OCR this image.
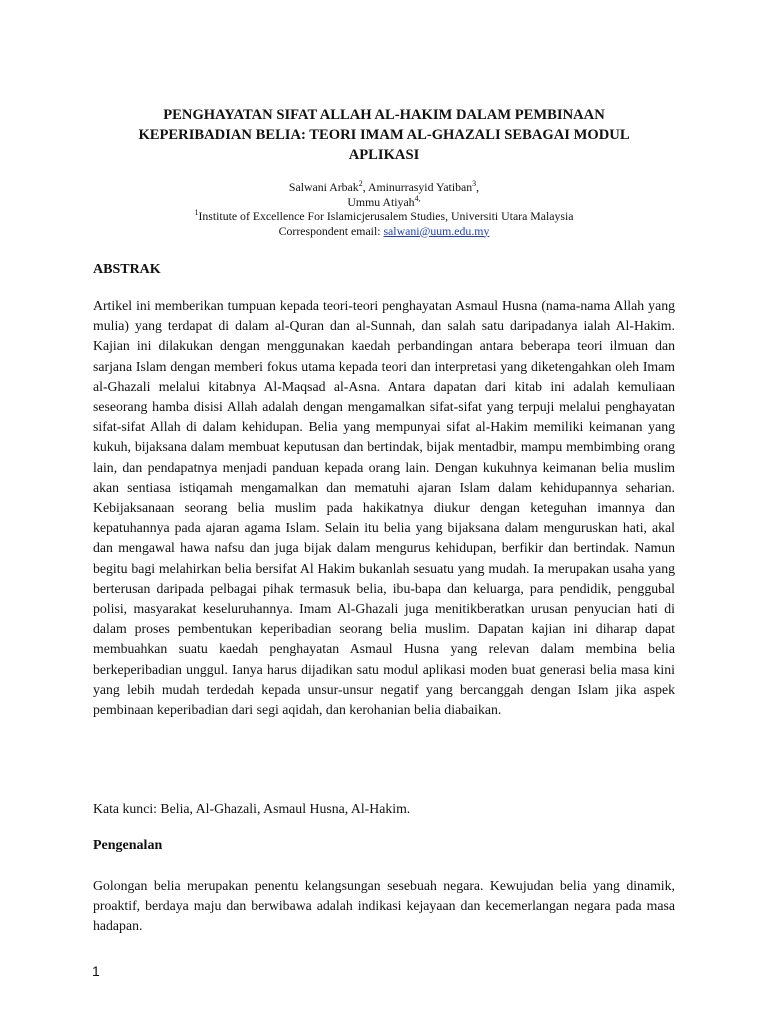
PENGHAYATAN SIFAT ALLAH AL-HAKIM DALAM PEMBINAAN KEPERIBADIAN BELIA: TEORI IMAM AL-GHAZALI SEBAGAI MODUL APLIKASI
Salwani Arbak$^2$, Aminurrasyid Yatiban$^3$,
Ummu Atiyah$^{4,}$
$^1$Institute of Excellence For Islamicjerusalem Studies, Universiti Utara Malaysia
Correspondent email: salwani@uum.edu.my
ABSTRAK

Artikel ini memberikan tumpuan kepada teori-teori penghayatan Asmaul Husna (nama-nama Allah yang mulia) yang terdapat di dalam al-Quran dan al-Sunnah, dan salah satu daripadanya ialah Al-Hakim. Kajian ini dilakukan dengan menggunakan kaedah perbandingan antara beberapa teori ilmuan dan sarjana Islam dengan memberi fokus utama kepada teori dan interpretasi yang diketengahkan oleh Imam al-Ghazali melalui kitabnya Al-Maqsad al-Asna. Antara dapatan dari kitab ini adalah kemuliaan seseorang hamba disisi Allah adalah dengan mengamalkan sifat-sifat yang terpuji melalui penghayatan sifat-sifat Allah di dalam kehidupan. Belia yang mempunyai sifat al-Hakim memiliki keimanan yang kukuh, bijaksana dalam membuat keputusan dan bertindak, bijak mentadbir, mampu membimbing orang lain, dan pendapatnya menjadi panduan kepada orang lain. Dengan kukuhnya keimanan belia muslim akan sentiasa istiqamah mengamalkan dan mematuhi ajaran Islam dalam kehidupannya seharian. Kebijaksanaan seorang belia muslim pada hakikatnya diukur dengan keteguhan imannya dan kepatuhannya pada ajaran agama Islam. Selain itu belia yang bijaksana dalam menguruskan hati, akal dan mengawal hawa nafsu dan juga bijak dalam mengurus kehidupan, berfikir dan bertindak. Namun begitu bagi melahirkan belia bersifat Al Hakim bukanlah sesuatu yang mudah. Ia merupakan usaha yang berterusan daripada pelbagai pihak termasuk belia, ibu-bapa dan keluarga, para pendidik, penggubal polisi, masyarakat keseluruhannya. Imam Al-Ghazali juga menitikberatkan urusan penyucian hati di dalam proses pembentukan keperibadian seorang belia muslim. Dapatan kajian ini diharap dapat membuahkan suatu kaedah penghayatan Asmaul Husna yang relevan dalam membina belia berkeperibadian unggul. Ianya harus dijadikan satu modul aplikasi moden buat generasi belia masa kini yang lebih mudah terdedah kepada unsur-unsur negatif yang bercanggah dengan Islam jika aspek pembinaan keperibadian dari segi aqidah, dan kerohanian belia diabaikan.

Kata kunci: Belia, Al-Ghazali, Asmaul Husna, Al-Hakim.

Pengenalan

Golongan belia merupakan penentu kelangsungan sesebuah negara. Kewujudan belia yang dinamik, proaktif, berdaya maju dan berwibawa adalah indikasi kejayaan dan kecemerlangan negara pada masa hadapan.

1
